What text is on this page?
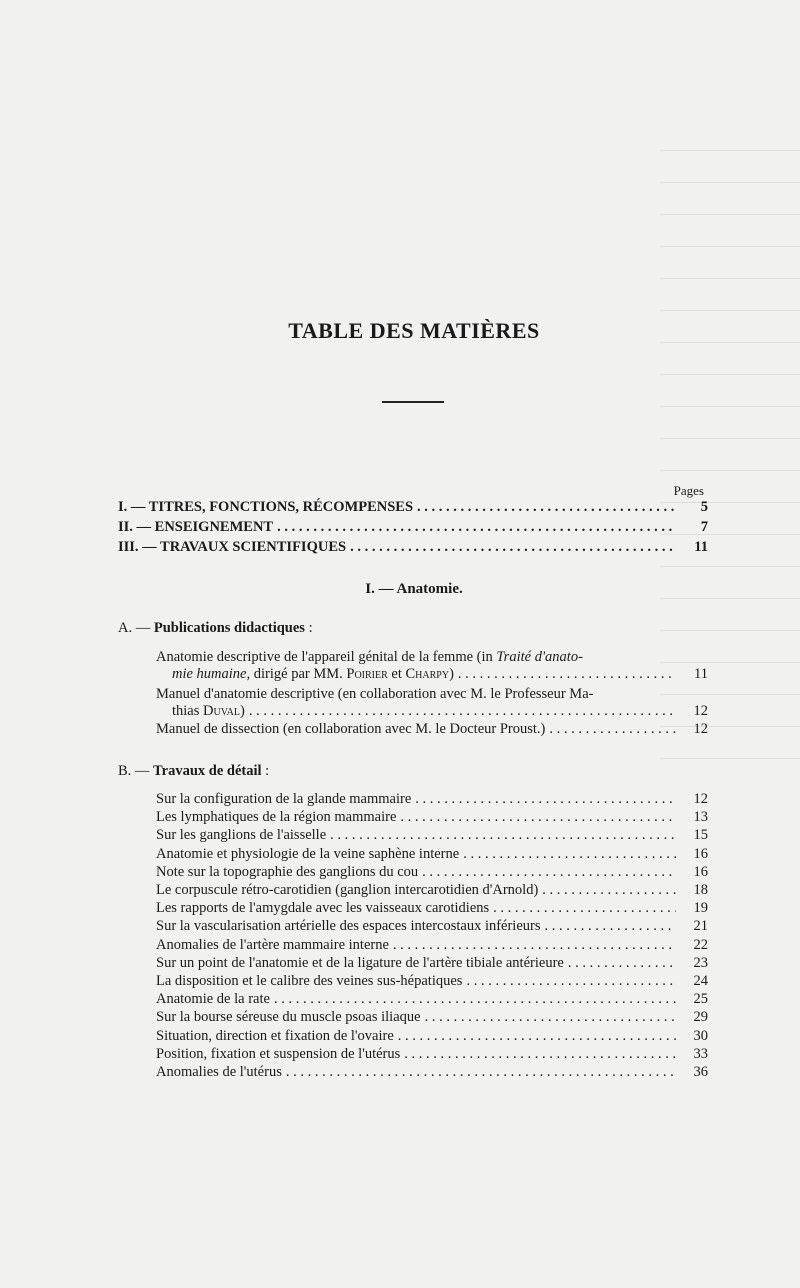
TABLE DES MATIÈRES
Pages
I. — TITRES, FONCTIONS, RÉCOMPENSES . . .	5
II. — ENSEIGNEMENT . . .	7
III. — TRAVAUX SCIENTIFIQUES . . .	11
I. — Anatomie.
A. — Publications didactiques :
Anatomie descriptive de l'appareil génital de la femme (in Traité d'anato-
mie humaine, dirigé par MM. Poirier et Charpy) . . .	11
Manuel d'anatomie descriptive (en collaboration avec M. le Professeur Ma-
thias Duval) . . .	12
Manuel de dissection (en collaboration avec M. le Docteur Proust.) . . .	12
B. — Travaux de détail :
Sur la configuration de la glande mammaire . . .	12
Les lymphatiques de la région mammaire . . .	13
Sur les ganglions de l'aisselle . . .	15
Anatomie et physiologie de la veine saphène interne . . .	16
Note sur la topographie des ganglions du cou . . .	16
Le corpuscule rétro-carotidien (ganglion intercarotidien d'Arnold) . . .	18
Les rapports de l'amygdale avec les vaisseaux carotidiens . . .	19
Sur la vascularisation artérielle des espaces intercostaux inférieurs . . .	21
Anomalies de l'artère mammaire interne . . .	22
Sur un point de l'anatomie et de la ligature de l'artère tibiale antérieure . . .	23
La disposition et le calibre des veines sus-hépatiques . . .	24
Anatomie de la rate . . .	25
Sur la bourse séreuse du muscle psoas iliaque . . .	29
Situation, direction et fixation de l'ovaire . . .	30
Position, fixation et suspension de l'utérus . . .	33
Anomalies de l'utérus . . .	36
